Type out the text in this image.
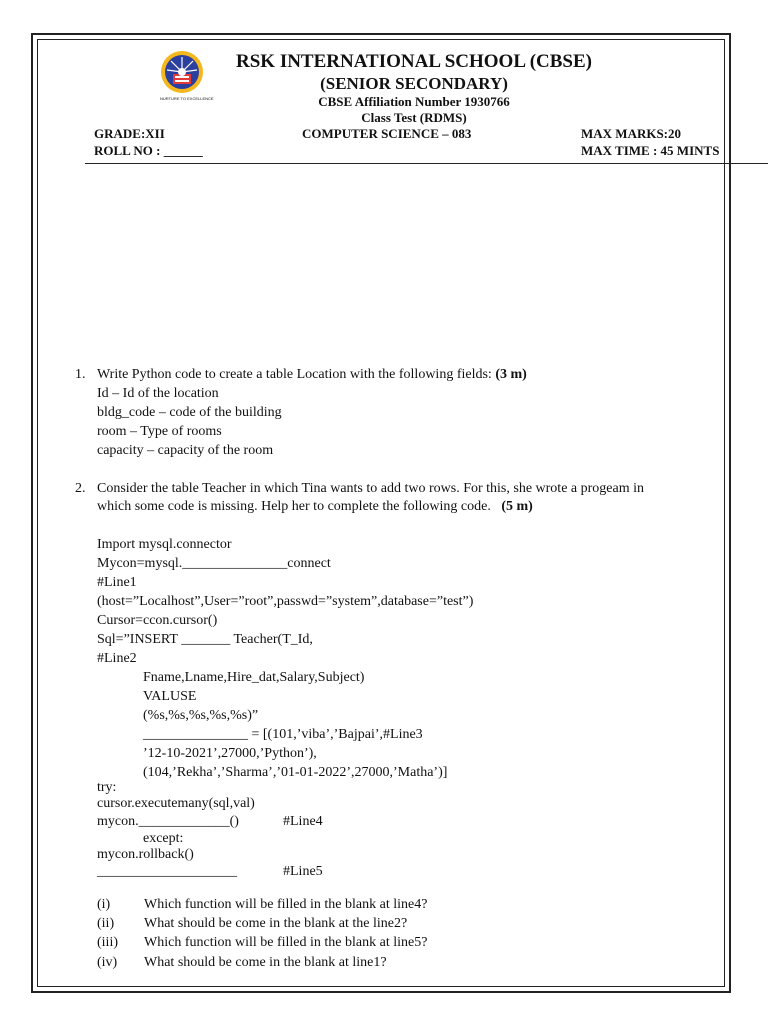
NURTURE TO EXCELLENCE
RSK INTERNATIONAL SCHOOL (CBSE)
(SENIOR SECONDARY)
CBSE Affiliation Number 1930766
Class Test (RDMS)
GRADE:XII	COMPUTER SCIENCE – 083	MAX MARKS:20
ROLL NO : ______	MAX TIME : 45 MINTS
1. Write Python code to create a table Location with the following fields: (3 m)
Id – Id of the location
bldg_code – code of the building
room – Type of rooms
capacity – capacity of the room
2. Consider the table Teacher in which Tina wants to add two rows. For this, she wrote a progeam in
which some code is missing. Help her to complete the following code. (5 m)
Import mysql.connector
Mycon=mysql._______________connect
#Line1
(host=”Localhost”,User=”root”,passwd=”system”,database=”test”)
Cursor=ccon.cursor()
Sql=”INSERT _______ Teacher(T_Id,
#Line2
Fname,Lname,Hire_dat,Salary,Subject)
VALUSE
(%s,%s,%s,%s,%s)”
_______________ = [(101,’viba’,’Bajpai’,#Line3
’12-10-2021’,27000,’Python’),
(104,’Rekha’,’Sharma’,’01-01-2022’,27000,’Matha’)]
try:
cursor.executemany(sql,val)
mycon._____________()	#Line4
except:
mycon.rollback()
____________________	#Line5
(i) Which function will be filled in the blank at line4?
(ii) What should be come in the blank at the line2?
(iii) Which function will be filled in the blank at line5?
(iv) What should be come in the blank at line1?
